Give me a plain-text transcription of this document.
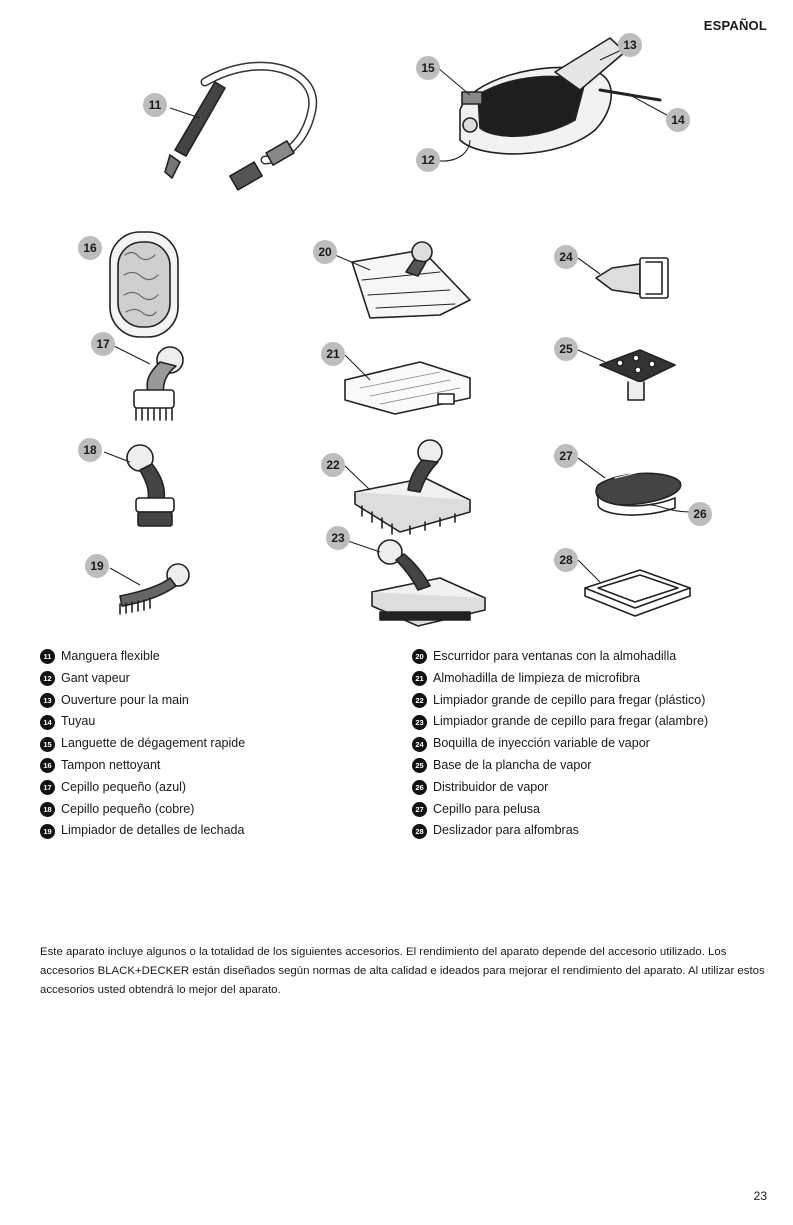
ESPAÑOL
11
12
13
14
15
16
17
18
19
20
21
22
23
24
25
26
27
28
11 Manguera flexible
12 Gant vapeur
13 Ouverture pour la main
14 Tuyau
15 Languette de dégagement rapide
16 Tampon nettoyant
17 Cepillo pequeño (azul)
18 Cepillo pequeño (cobre)
19 Limpiador de detalles de lechada
20 Escurridor para ventanas con la almohadilla
21 Almohadilla de limpieza de microfibra
22 Limpiador grande de cepillo para fregar (plástico)
23 Limpiador grande de cepillo para fregar (alambre)
24 Boquilla de inyección variable de vapor
25 Base de la plancha de vapor
26 Distribuidor de vapor
27 Cepillo para pelusa
28 Deslizador para alfombras

Este aparato incluye algunos o la totalidad de los siguientes accesorios. El rendimiento del aparato depende del accesorio utilizado. Los accesorios BLACK+DECKER están diseñados según normas de alta calidad e ideados para mejorar el rendimiento del aparato. Al utilizar estos accesorios usted obtendrá lo mejor del aparato.

23
